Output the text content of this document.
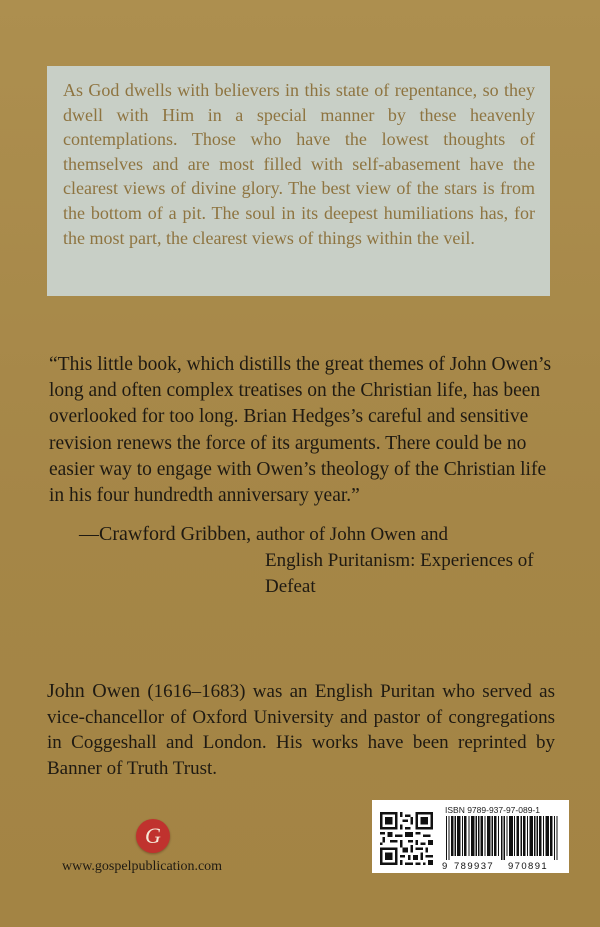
As God dwells with believers in this state of repentance, so they dwell with Him in a special manner by these heavenly contemplations. Those who have the lowest thoughts of themselves and are most filled with self-abasement have the clearest views of divine glory. The best view of the stars is from the bottom of a pit. The soul in its deepest humiliations has, for the most part, the clearest views of things within the veil.

“This little book, which distills the great themes of John Owen’s long and often complex treatises on the Christian life, has been overlooked for too long. Brian Hedges’s careful and sensitive revision renews the force of its arguments. There could be no easier way to engage with Owen’s theology of the Christian life in his four hundredth anniversary year.”

—Crawford Gribben, author of John Owen and
English Puritanism: Experiences of Defeat

John Owen (1616–1683) was an English Puritan who served as vice-chancellor of Oxford University and pastor of congregations in Coggeshall and London. His works have been reprinted by Banner of Truth Trust.

G
www.gospelpublication.com
ISBN 9789-937-97-089-1
9 789937 970891
